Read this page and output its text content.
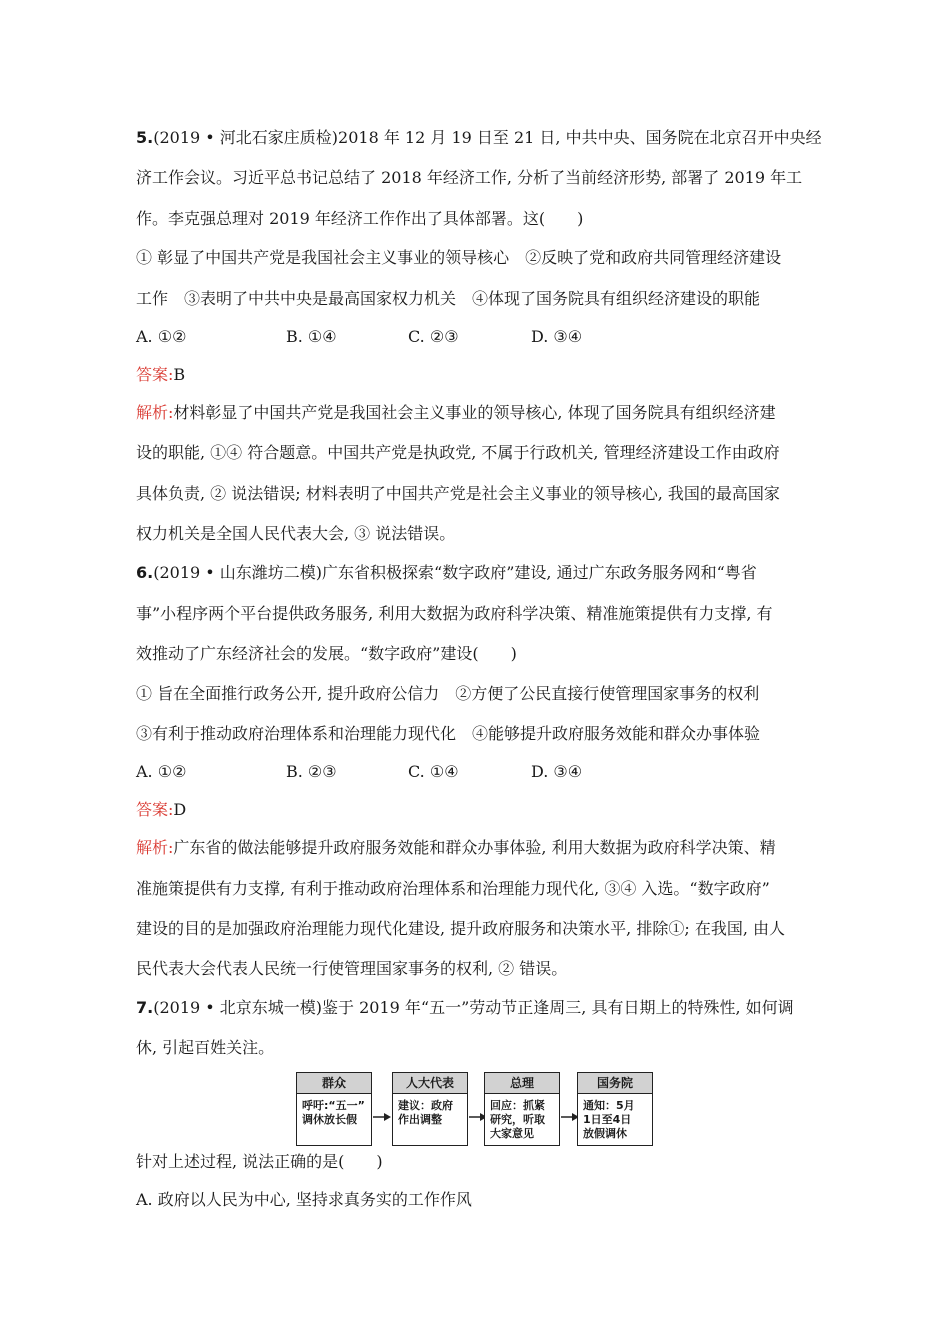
5.(2019 • 河北石家庄质检)2018 年 12 月 19 日至 21 日, 中共中央、国务院在北京召开中央经
济工作会议。习近平总书记总结了 2018 年经济工作, 分析了当前经济形势, 部署了 2019 年工
作。李克强总理对 2019 年经济工作作出了具体部署。这(　　)
① 彰显了中国共产党是我国社会主义事业的领导核心　②反映了党和政府共同管理经济建设
工作　③表明了中共中央是最高国家权力机关　④体现了国务院具有组织经济建设的职能
A. ①②	B. ①④	C. ②③	D. ③④
答案:B
解析:材料彰显了中国共产党是我国社会主义事业的领导核心, 体现了国务院具有组织经济建
设的职能, ①④ 符合题意。中国共产党是执政党, 不属于行政机关, 管理经济建设工作由政府
具体负责, ② 说法错误; 材料表明了中国共产党是社会主义事业的领导核心, 我国的最高国家
权力机关是全国人民代表大会, ③ 说法错误。
6.(2019 • 山东潍坊二模)广东省积极探索“数字政府”建设, 通过广东政务服务网和“粤省
事”小程序两个平台提供政务服务, 利用大数据为政府科学决策、精准施策提供有力支撑, 有
效推动了广东经济社会的发展。“数字政府”建设(　　)
① 旨在全面推行政务公开, 提升政府公信力　②方便了公民直接行使管理国家事务的权利
③有利于推动政府治理体系和治理能力现代化　④能够提升政府服务效能和群众办事体验
A. ①②	B. ②③	C. ①④	D. ③④
答案:D
解析:广东省的做法能够提升政府服务效能和群众办事体验, 利用大数据为政府科学决策、精
准施策提供有力支撑, 有利于推动政府治理体系和治理能力现代化, ③④ 入选。“数字政府”
建设的目的是加强政府治理能力现代化建设, 提升政府服务和决策水平, 排除①; 在我国, 由人
民代表大会代表人民统一行使管理国家事务的权利, ② 错误。
7.(2019 • 北京东城一模)鉴于 2019 年“五一”劳动节正逢周三, 具有日期上的特殊性, 如何调
休, 引起百姓关注。
群众
呼吁:“五一”
调休放长假
人大代表
建议：政府
作出调整
总理
回应：抓紧
研究，听取
大家意见
国务院
通知：5月
1日至4日
放假调休
针对上述过程, 说法正确的是(　　)
A. 政府以人民为中心, 坚持求真务实的工作作风
